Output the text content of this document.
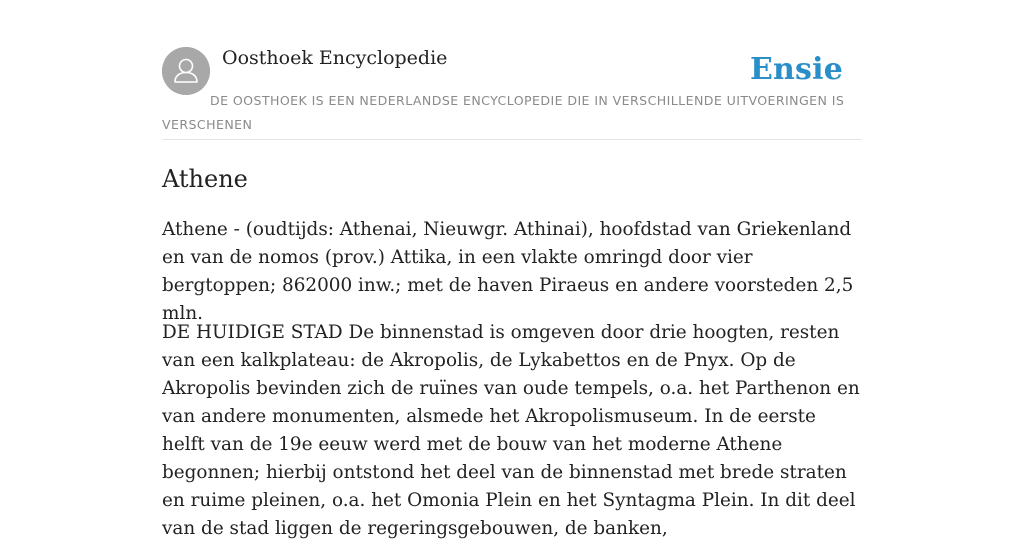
Oosthoek Encyclopedie	Ensie
DE OOSTHOEK IS EEN NEDERLANDSE ENCYCLOPEDIE DIE IN VERSCHILLENDE UITVOERINGEN IS VERSCHENEN
Athene

Athene - (oudtijds: Athenai, Nieuwgr. Athinai), hoofdstad van Griekenland en van de nomos (prov.) Attika, in een vlakte omringd door vier bergtoppen; 862000 inw.; met de haven Piraeus en andere voorsteden 2,5 mln.

DE HUIDIGE STAD De binnenstad is omgeven door drie hoogten, resten van een kalkplateau: de Akropolis, de Lykabettos en de Pnyx. Op de Akropolis bevinden zich de ruïnes van oude tempels, o.a. het Parthenon en van andere monumenten, alsmede het Akropolismuseum. In de eerste helft van de 19e eeuw werd met de bouw van het moderne Athene begonnen; hierbij ontstond het deel van de binnenstad met brede straten en ruime pleinen, o.a. het Omonia Plein en het Syntagma Plein. In dit deel van de stad liggen de regeringsgebouwen, de banken,
